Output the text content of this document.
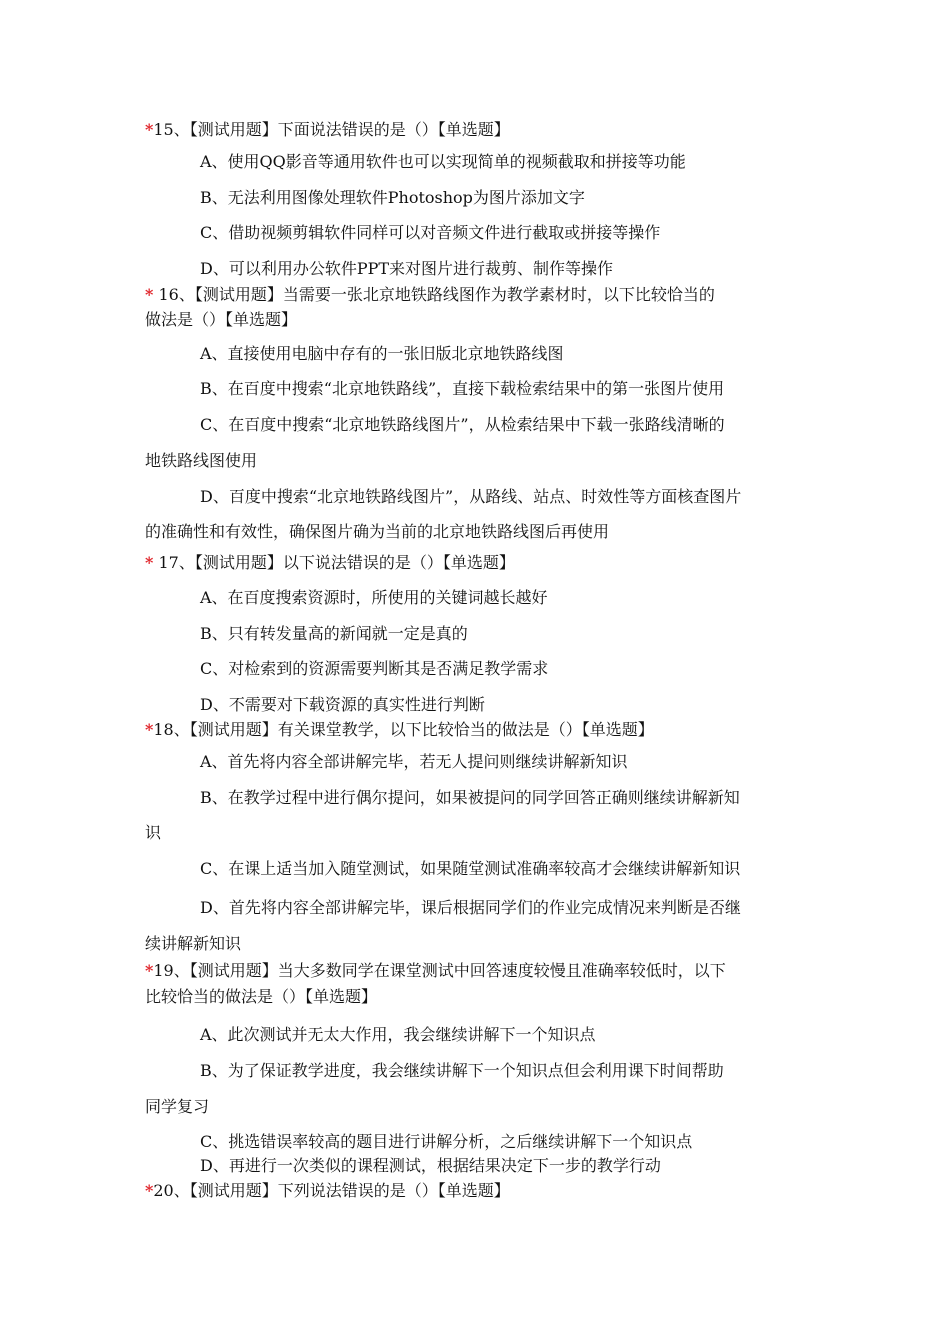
*15、【测试用题】下面说法错误的是（）【单选题】
A、使用QQ影音等通用软件也可以实现简单的视频截取和拼接等功能
B、无法利用图像处理软件Photoshop为图片添加文字
C、借助视频剪辑软件同样可以对音频文件进行截取或拼接等操作
D、可以利用办公软件PPT来对图片进行裁剪、制作等操作
* 16、【测试用题】当需要一张北京地铁路线图作为教学素材时，以下比较恰当的
做法是（）【单选题】
A、直接使用电脑中存有的一张旧版北京地铁路线图
B、在百度中搜索“北京地铁路线”，直接下载检索结果中的第一张图片使用
C、在百度中搜索“北京地铁路线图片”，从检索结果中下载一张路线清晰的
地铁路线图使用
D、百度中搜索“北京地铁路线图片”，从路线、站点、时效性等方面核查图片
的准确性和有效性，确保图片确为当前的北京地铁路线图后再使用
* 17、【测试用题】以下说法错误的是（）【单选题】
A、在百度搜索资源时，所使用的关键词越长越好
B、只有转发量高的新闻就一定是真的
C、对检索到的资源需要判断其是否满足教学需求
D、不需要对下载资源的真实性进行判断
*18、【测试用题】有关课堂教学，以下比较恰当的做法是（）【单选题】
A、首先将内容全部讲解完毕，若无人提问则继续讲解新知识
B、在教学过程中进行偶尔提问，如果被提问的同学回答正确则继续讲解新知
识
C、在课上适当加入随堂测试，如果随堂测试准确率较高才会继续讲解新知识
D、首先将内容全部讲解完毕，课后根据同学们的作业完成情况来判断是否继
续讲解新知识
*19、【测试用题】当大多数同学在课堂测试中回答速度较慢且准确率较低时，以下
比较恰当的做法是（）【单选题】
A、此次测试并无太大作用，我会继续讲解下一个知识点
B、为了保证教学进度，我会继续讲解下一个知识点但会利用课下时间帮助
同学复习
C、挑选错误率较高的题目进行讲解分析，之后继续讲解下一个知识点
D、再进行一次类似的课程测试，根据结果决定下一步的教学行动
*20、【测试用题】下列说法错误的是（）【单选题】
